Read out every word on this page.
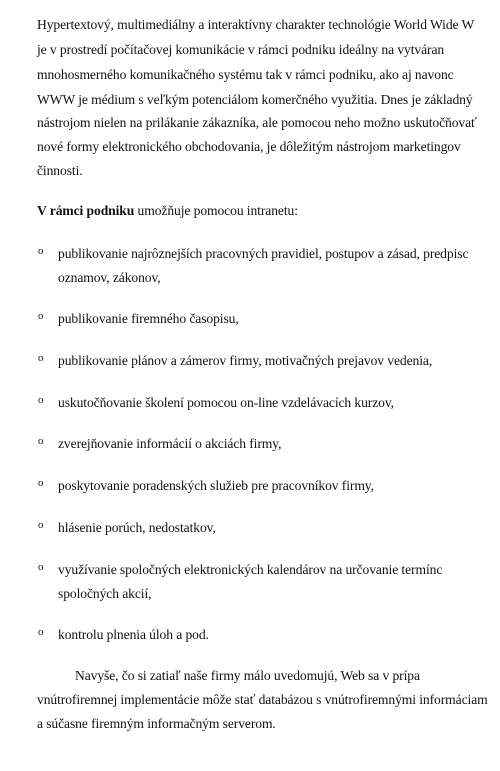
Hypertextový, multimediálny a interaktívny charakter technológie World Wide W
je v prostredí počítačovej komunikácie v rámci podniku ideálny na vytváran
mnohosmerného komunikačného systému tak v rámci podniku, ako aj navonc
WWW je médium s veľkým potenciálom komerčného využitia. Dnes je základný
nástrojom nielen na prilákanie zákazníka, ale pomocou neho možno uskutočňovať
nové formy elektronického obchodovania, je dôležitým nástrojom marketingov
činnosti.
V rámci podniku umožňuje pomocou intranetu:
o publikovanie najrôznejších pracovných pravidiel, postupov a zásad, predpisc
oznamov, zákonov,
o publikovanie firemného časopisu,
o publikovanie plánov a zámerov firmy, motivačných prejavov vedenia,
o uskutočňovanie školení pomocou on-line vzdelávacích kurzov,
o zverejňovanie informácií o akciách firmy,
o poskytovanie poradenských služieb pre pracovníkov firmy,
o hlásenie porúch, nedostatkov,
o využívanie spoločných elektronických kalendárov na určovanie termínc
spoločných akcií,
o kontrolu plnenia úloh a pod.
Navyše, čo si zatiaľ naše firmy málo uvedomujú, Web sa v prípa
vnútrofiremnej implementácie môže stať databázou s vnútrofiremnými informáciam
a súčasne firemným informačným serverom.
